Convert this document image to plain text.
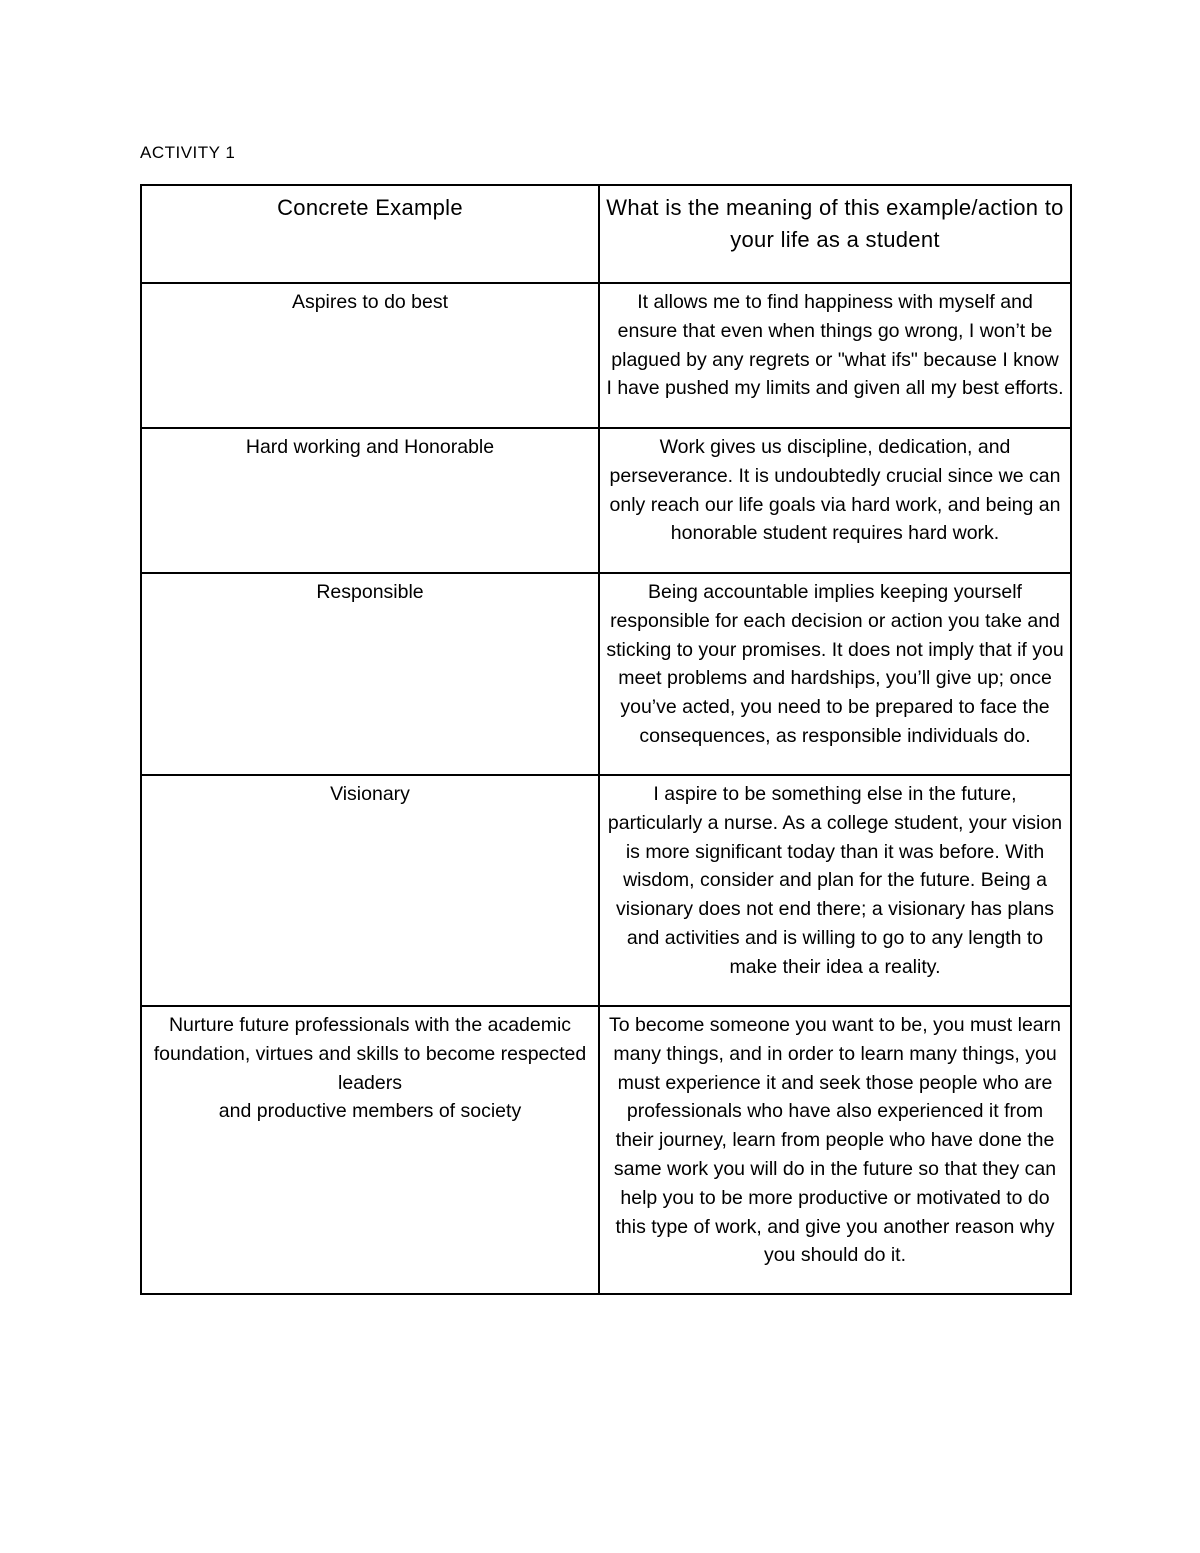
ACTIVITY 1
Concrete Example	What is the meaning of this example/action to your life as a student

Aspires to do best	It allows me to find happiness with myself and ensure that even when things go wrong, I won’t be plagued by any regrets or "what ifs" because I know I have pushed my limits and given all my best efforts.

Hard working and Honorable	Work gives us discipline, dedication, and perseverance. It is undoubtedly crucial since we can only reach our life goals via hard work, and being an honorable student requires hard work.

Responsible	Being accountable implies keeping yourself responsible for each decision or action you take and sticking to your promises. It does not imply that if you meet problems and hardships, you’ll give up; once you’ve acted, you need to be prepared to face the consequences, as responsible individuals do.

Visionary	I aspire to be something else in the future, particularly a nurse. As a college student, your vision is more significant today than it was before. With wisdom, consider and plan for the future. Being a visionary does not end there; a visionary has plans and activities and is willing to go to any length to make their idea a reality.

Nurture future professionals with the academic foundation, virtues and skills to become respected leaders
and productive members of society	To become someone you want to be, you must learn many things, and in order to learn many things, you must experience it and seek those people who are professionals who have also experienced it from their journey, learn from people who have done the same work you will do in the future so that they can help you to be more productive or motivated to do this type of work, and give you another reason why you should do it.
